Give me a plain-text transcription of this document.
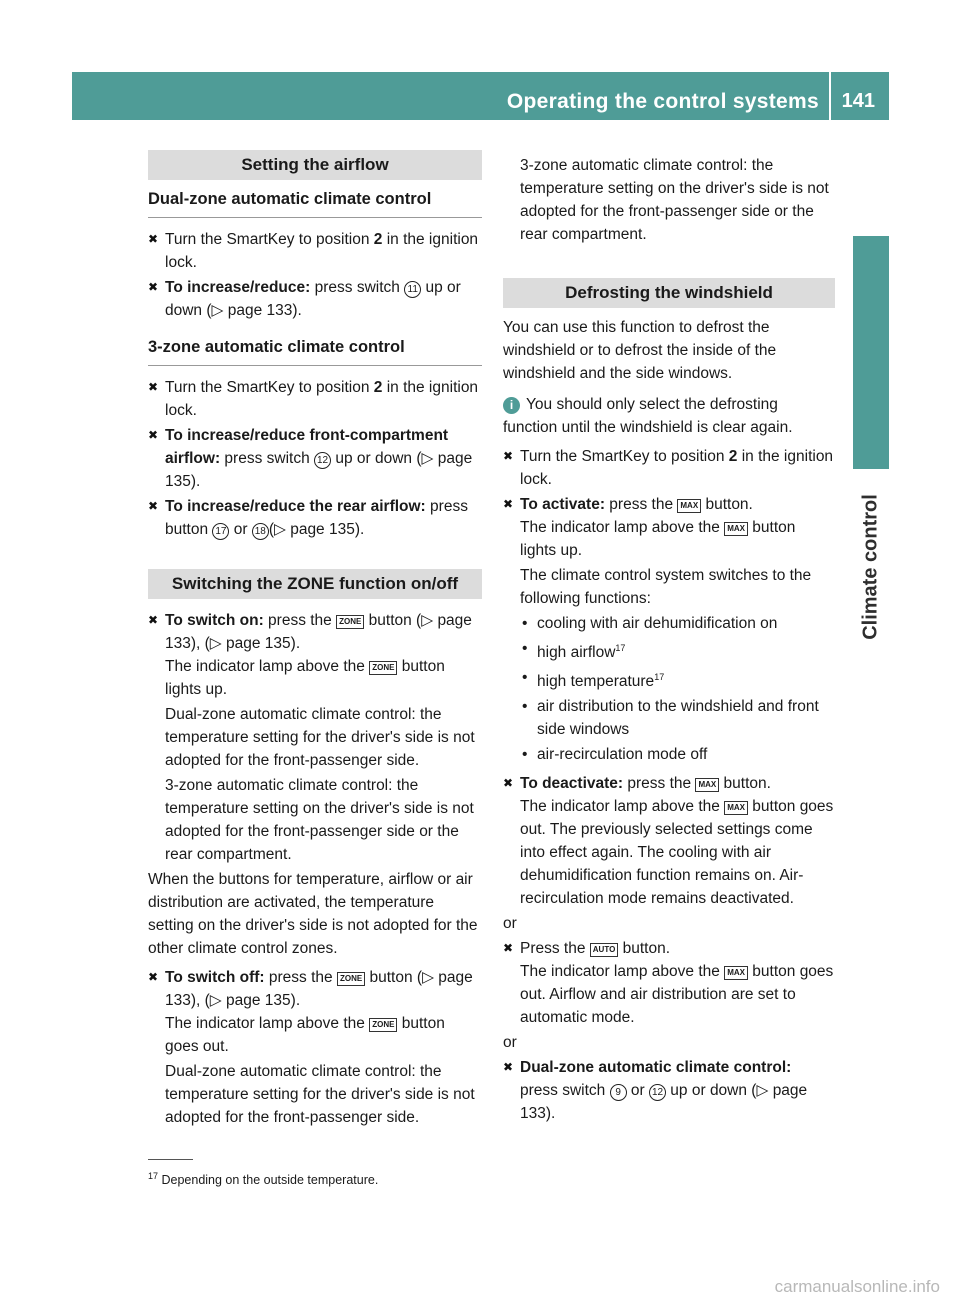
Operating the control systems 141
Climate control
Setting the airflow
Dual-zone automatic climate control
✖ Turn the SmartKey to position 2 in the ignition lock.
✖ To increase/reduce: press switch 11 up or down (▷ page 133).
3-zone automatic climate control
✖ Turn the SmartKey to position 2 in the ignition lock.
✖ To increase/reduce front-compartment airflow: press switch 12 up or down (▷ page 135).
✖ To increase/reduce the rear airflow: press button 17 or 18 (▷ page 135).
Switching the ZONE function on/off
✖ To switch on: press the ZONE button (▷ page 133), (▷ page 135).
The indicator lamp above the ZONE button lights up.

Dual-zone automatic climate control: the temperature setting for the driver's side is not adopted for the front-passenger side.

3-zone automatic climate control: the temperature setting on the driver's side is not adopted for the front-passenger side or the rear compartment.

When the buttons for temperature, airflow or air distribution are activated, the temperature setting on the driver's side is not adopted for the other climate control zones.

✖ To switch off: press the ZONE button (▷ page 133), (▷ page 135).
The indicator lamp above the ZONE button goes out.

Dual-zone automatic climate control: the temperature setting for the driver's side is not adopted for the front-passenger side.

3-zone automatic climate control: the temperature setting on the driver's side is not adopted for the front-passenger side or the rear compartment.

Defrosting the windshield

You can use this function to defrost the windshield or to defrost the inside of the windshield and the side windows.

i You should only select the defrosting function until the windshield is clear again.

✖ Turn the SmartKey to position 2 in the ignition lock.
✖ To activate: press the MAX button.
The indicator lamp above the MAX button lights up.

The climate control system switches to the following functions:

• cooling with air dehumidification on
• high airflow$^{17}$
• high temperature$^{17}$
• air distribution to the windshield and front side windows
• air-recirculation mode off
✖ To deactivate: press the MAX button.
The indicator lamp above the MAX button goes out. The previously selected settings come into effect again. The cooling with air dehumidification function remains on. Air-recirculation mode remains deactivated.

or

✖ Press the AUTO button.
The indicator lamp above the MAX button goes out. Airflow and air distribution are set to automatic mode.

or

✖ Dual-zone automatic climate control:
press switch 9 or 12 up or down (▷ page 133).
$^{17}$ Depending on the outside temperature.
carmanualsonline.info
